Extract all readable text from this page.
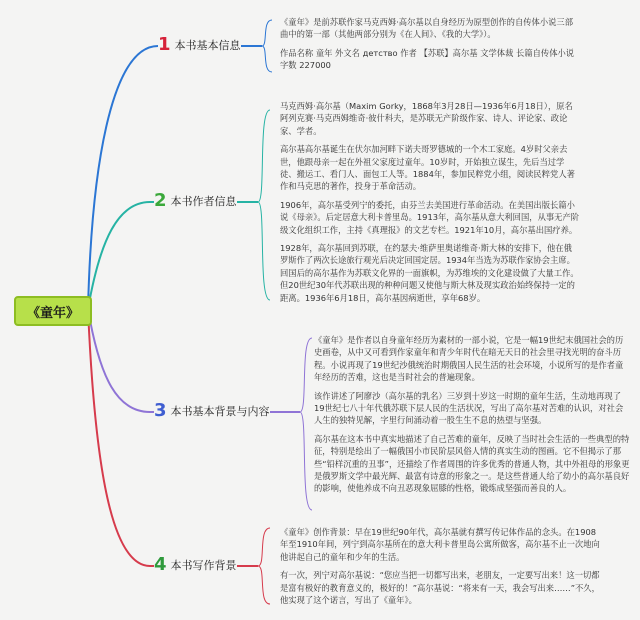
《童年》
1 本书基本信息
2 本书作者信息
3 本书基本背景与内容
4 本书写作背景

《童年》是前苏联作家马克西姆·高尔基以自身经历为原型创作的自传体小说三部曲中的第一部（其他两部分别为《在人间》、《我的大学》）。

作品名称 童年 外文名 детство 作者 【苏联】高尔基 文学体裁 长篇自传体小说 字数 227000

马克西姆·高尔基（Maxim Gorky，1868年3月28日—1936年6月18日），原名阿列克赛·马克西姆维奇·彼什科夫，是苏联无产阶级作家、诗人、评论家、政论家、学者。

高尔基高尔基诞生在伏尔加河畔下诺夫哥罗德城的一个木工家庭。4岁时父亲去世，他跟母亲一起在外祖父家度过童年。10岁时，开始独立谋生，先后当过学徒、搬运工、看门人、面包工人等。1884年，参加民粹党小组，阅读民粹党人著作和马克思的著作，投身于革命活动。

1906年，高尔基受列宁的委托，由芬兰去美国进行革命活动。在美国出版长篇小说《母亲》。后定居意大利卡普里岛。1913年，高尔基从意大利回国，从事无产阶级文化组织工作，主持《真理报》的文艺专栏。1921年10月，高尔基出国疗养。

1928年，高尔基回到苏联，在约瑟夫·维萨里奥诺维奇·斯大林的安排下，他在俄罗斯作了两次长途旅行观光后决定回国定居。1934年当选为苏联作家协会主席。回国后的高尔基作为苏联文化界的一面旗帜，为苏维埃的文化建设做了大量工作。但20世纪30年代苏联出现的种种问题又使他与斯大林及现实政治始终保持一定的距离。1936年6月18日，高尔基因病逝世，享年68岁。

《童年》是作者以自身童年经历为素材的一部小说，它是一幅19世纪末俄国社会的历史画卷，从中又可看到作家童年和青少年时代在暗无天日的社会里寻找光明的奋斗历程。小说再现了19世纪沙俄统治时期俄国人民生活的社会环境，小说所写的是作者童年经历的苦难，这也是当时社会的普遍现象。

该作讲述了阿廖沙（高尔基的乳名）三岁到十岁这一时期的童年生活，生动地再现了19世纪七八十年代俄苏联下层人民的生活状况，写出了高尔基对苦难的认识，对社会人生的独特见解，字里行间涌动着一股生生不息的热望与坚强。

高尔基在这本书中真实地描述了自己苦难的童年，反映了当时社会生活的一些典型的特征，特别是绘出了一幅俄国小市民阶层风俗人情的真实生动的图画。它不但揭示了那些“铅样沉重的丑事”，还描绘了作者周围的许多优秀的普通人物，其中外祖母的形象更是俄罗斯文学中最光辉、最富有诗意的形象之一。是这些普通人给了幼小的高尔基良好的影响，使他养成不向丑恶现象屈膝的性格，锻炼成坚强而善良的人。

《童年》创作背景：早在19世纪90年代，高尔基就有撰写传记体作品的念头。在1908年至1910年间，列宁到高尔基所在的意大利卡普里岛公寓所做客，高尔基不止一次地向他讲起自己的童年和少年的生活。

有一次，列宁对高尔基说：“您应当把一切都写出来，老朋友，一定要写出来！这一切都是富有极好的教育意义的，极好的！”高尔基说：“将来有一天，我会写出来……”不久，他实现了这个诺言，写出了《童年》。
